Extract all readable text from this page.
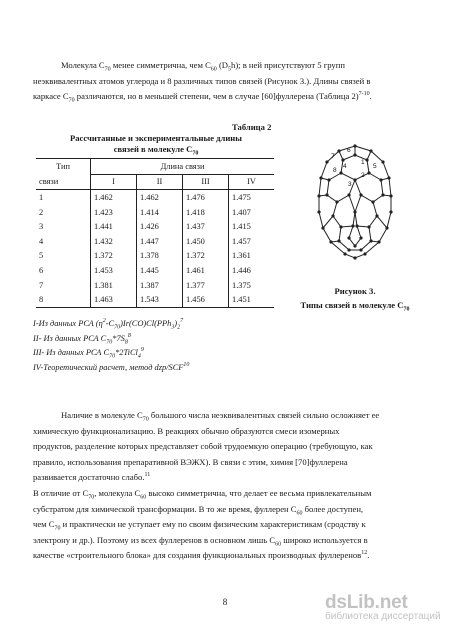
Молекула $C_{70}$ менее симметрична, чем $C_{60}$ $(D_5h)$; в ней присутствуют 5 групп
неэквивалентных атомов углерода и 8 различных типов связей (Рисунок 3.). Длины связей в
каркасе $C_{70}$ различаются, но в меньшей степени, чем в случае [60]фуллерена (Таблица 2)$^{7-10}$.
Таблица 2
Рассчитанные и экспериментальные длины
связей в молекуле $C_{70}$
Тип	Длина связи			
связи	I	II	III	IV
1	1.462	1.462	1.476	1.475
2	1.423	1.414	1.418	1.407
3	1.441	1.426	1.437	1.415
4	1.432	1.447	1.450	1.457
5	1.372	1.378	1.372	1.361
6	1.453	1.445	1.461	1.446
7	1.381	1.387	1.377	1.375
8	1.463	1.543	1.456	1.451
I-Из данных РСА $(\eta^2-C_{70})Ir(CO)Cl(PPh_3)_2^7$
II- Из данных РСА $C_{70}*7S_8^8$
III- Из данных РСА $C_{70}*2TiCl_4^9$
IV-Теоретический расчет, метод dzp/SCF$^{10}$
1
2
3
4	5
6
7
8
Рисунок 3.
Типы связей в молекуле $C_{70}$
Наличие в молекуле $C_{70}$ большого числа неэквивалентных связей сильно осложняет ее
химическую функционализацию. В реакциях обычно образуются смеси изомерных
продуктов, разделение которых представляет собой трудоемкую операцию (требующую, как
правило, использования препаративной ВЭЖХ). В связи с этим, химия [70]фуллерена
развивается достаточно слабо.$^{11}$
В отличие от $C_{70}$, молекула $C_{60}$ высоко симметрична, что делает ее весьма привлекательным
субстратом для химической трансформации. В то же время, фуллерен $C_{60}$ более доступен,
чем $C_{70}$ и практически не уступает ему по своим физическим характеристикам (сродству к
электрону и др.). Поэтому из всех фуллеренов в основном лишь $C_{60}$ широко используется в
качестве «строительного блока» для создания функциональных производных фуллеренов$^{12}$.
8	dsLib.net
библиотека диссертаций
